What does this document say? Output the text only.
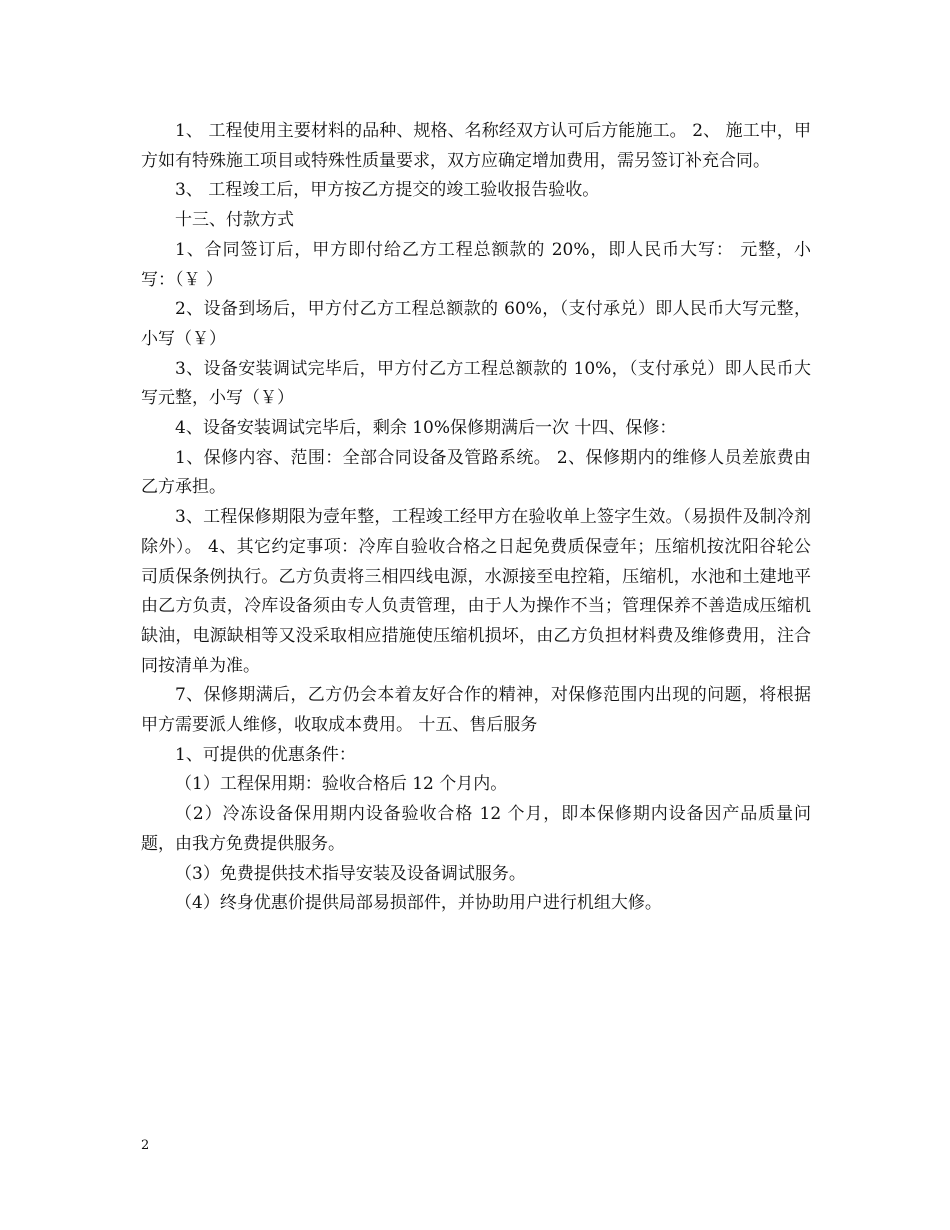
1、 工程使用主要材料的品种、规格、名称经双方认可后方能施工。 2、 施工中，甲方如有特殊施工项目或特殊性质量要求，双方应确定增加费用，需另签订补充合同。

3、 工程竣工后，甲方按乙方提交的竣工验收报告验收。

十三、付款方式

1、合同签订后，甲方即付给乙方工程总额款的 20%，即人民币大写： 元整，小写：（￥ ）

2、设备到场后，甲方付乙方工程总额款的 60%，（支付承兑）即人民币大写元整，小写（￥）

3、设备安装调试完毕后，甲方付乙方工程总额款的 10%，（支付承兑）即人民币大写元整，小写（￥）

4、设备安装调试完毕后，剩余 10%保修期满后一次 十四、保修：

1、保修内容、范围：全部合同设备及管路系统。 2、保修期内的维修人员差旅费由乙方承担。

3、工程保修期限为壹年整，工程竣工经甲方在验收单上签字生效。（易损件及制冷剂除外）。 4、其它约定事项：冷库自验收合格之日起免费质保壹年；压缩机按沈阳谷轮公司质保条例执行。乙方负责将三相四线电源，水源接至电控箱，压缩机，水池和土建地平由乙方负责，冷库设备须由专人负责管理，由于人为操作不当；管理保养不善造成压缩机缺油，电源缺相等又没采取相应措施使压缩机损坏，由乙方负担材料费及维修费用，注合同按清单为准。

7、保修期满后，乙方仍会本着友好合作的精神，对保修范围内出现的问题，将根据甲方需要派人维修，收取成本费用。 十五、售后服务

1、可提供的优惠条件：

（1）工程保用期：验收合格后 12 个月内。

（2）冷冻设备保用期内设备验收合格 12 个月，即本保修期内设备因产品质量问题，由我方免费提供服务。

（3）免费提供技术指导安装及设备调试服务。

（4）终身优惠价提供局部易损部件，并协助用户进行机组大修。

2
